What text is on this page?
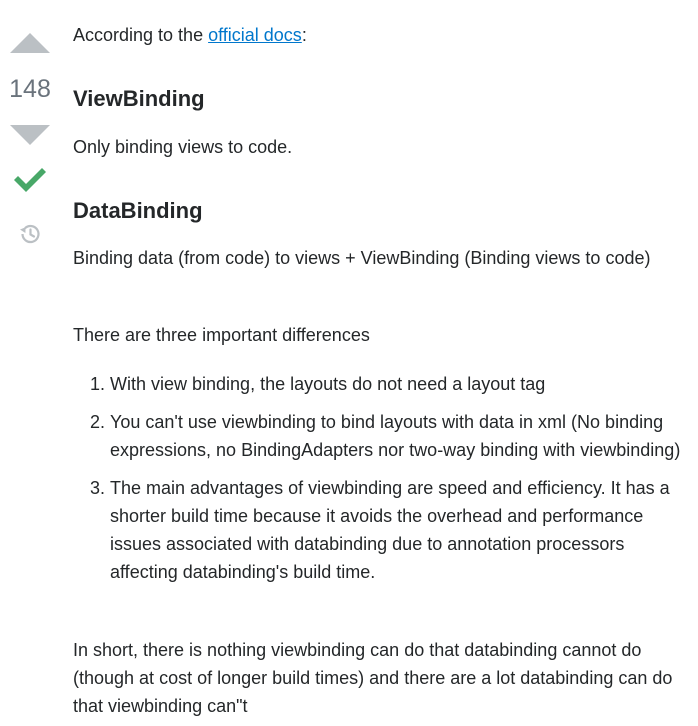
148

According to the official docs:

ViewBinding

Only binding views to code.

DataBinding

Binding data (from code) to views + ViewBinding (Binding views to code)

There are three important differences

1. With view binding, the layouts do not need a layout tag
2. You can't use viewbinding to bind layouts with data in xml (No binding expressions, no BindingAdapters nor two-way binding with viewbinding)
3. The main advantages of viewbinding are speed and efficiency. It has a shorter build time because it avoids the overhead and performance issues associated with databinding due to annotation processors affecting databinding's build time.

In short, there is nothing viewbinding can do that databinding cannot do (though at cost of longer build times) and there are a lot databinding can do that viewbinding can"t
